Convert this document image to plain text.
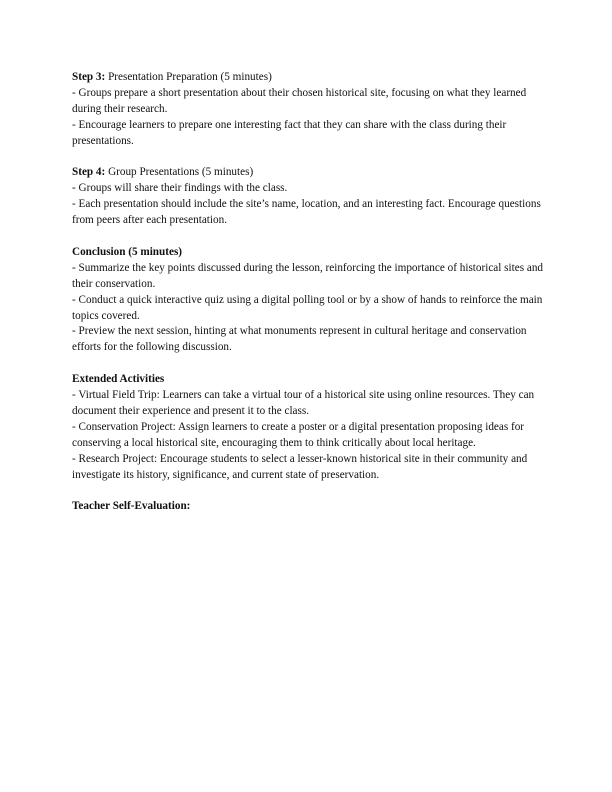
Step 3: Presentation Preparation (5 minutes)
- Groups prepare a short presentation about their chosen historical site, focusing on what they learned during their research.
- Encourage learners to prepare one interesting fact that they can share with the class during their presentations.
Step 4: Group Presentations (5 minutes)
- Groups will share their findings with the class.
- Each presentation should include the site’s name, location, and an interesting fact. Encourage questions from peers after each presentation.
Conclusion (5 minutes)
- Summarize the key points discussed during the lesson, reinforcing the importance of historical sites and their conservation.
- Conduct a quick interactive quiz using a digital polling tool or by a show of hands to reinforce the main topics covered.
- Preview the next session, hinting at what monuments represent in cultural heritage and conservation efforts for the following discussion.
Extended Activities
- Virtual Field Trip: Learners can take a virtual tour of a historical site using online resources. They can document their experience and present it to the class.
- Conservation Project: Assign learners to create a poster or a digital presentation proposing ideas for conserving a local historical site, encouraging them to think critically about local heritage.
- Research Project: Encourage students to select a lesser-known historical site in their community and investigate its history, significance, and current state of preservation.
Teacher Self-Evaluation:
